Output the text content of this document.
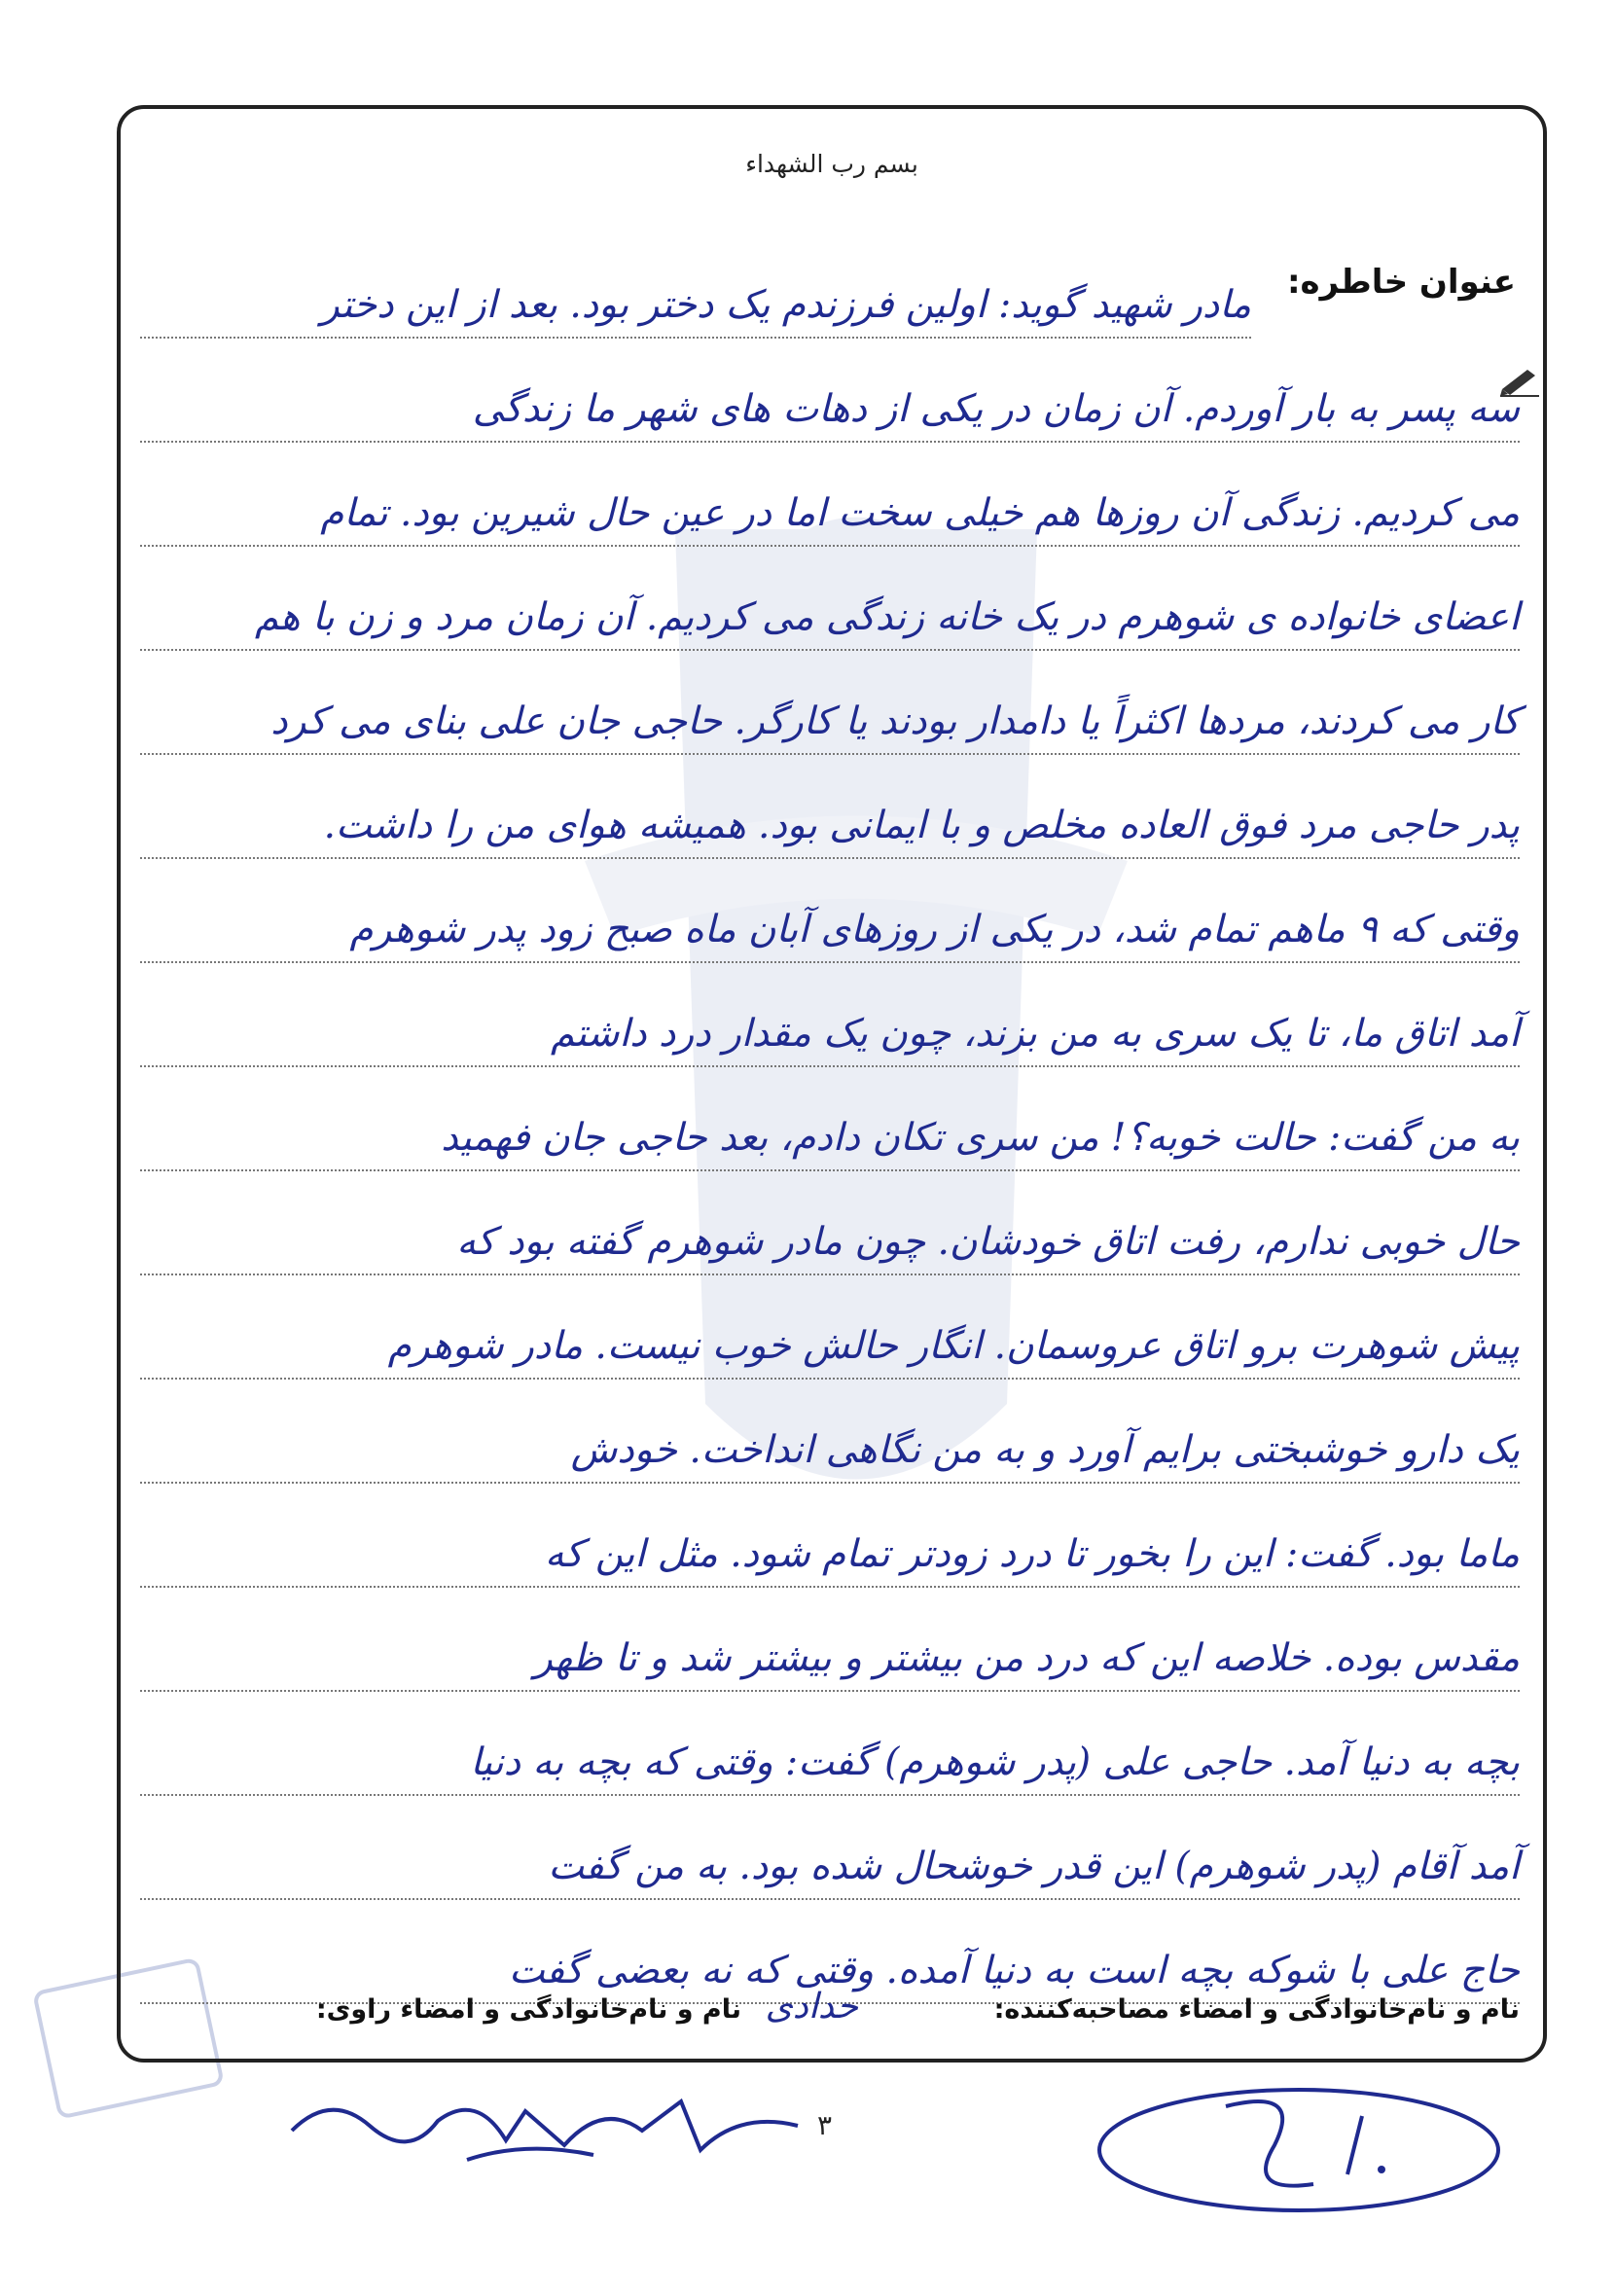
بسم رب الشهداء
عنوان خاطره:
مادر شهید گوید: اولین فرزندم یک دختر بود. بعد از این دختر
سه پسر به بار آوردم. آن زمان در یکی از دهات های شهر ما زندگی
می کردیم. زندگی آن روزها هم خیلی سخت اما در عین حال شیرین بود. تمام
اعضای خانواده ی شوهرم در یک خانه زندگی می کردیم. آن زمان مرد و زن با هم
کار می کردند، مردها اکثراً یا دامدار بودند یا کارگر. حاجی جان علی بنای می کرد
پدر حاجی مرد فوق العاده مخلص و با ایمانی بود. همیشه هوای من را داشت.
وقتی که ۹ ماهم تمام شد، در یکی از روزهای آبان ماه صبح زود پدر شوهرم
آمد اتاق ما، تا یک سری به من بزند، چون یک مقدار درد داشتم
به من گفت: حالت خوبه؟! من سری تکان دادم، بعد حاجی جان فهمید
حال خوبی ندارم، رفت اتاق خودشان. چون مادر شوهرم گفته بود که
پیش شوهرت برو اتاق عروسمان. انگار حالش خوب نیست. مادر شوهرم
یک دارو خوشبختی برایم آورد و به من نگاهی انداخت. خودش
ماما بود. گفت: این را بخور تا درد زودتر تمام شود. مثل این که
مقدس بوده. خلاصه این که درد من بیشتر و بیشتر شد و تا ظهر
بچه به دنیا آمد. حاجی علی (پدر شوهرم) گفت: وقتی که بچه به دنیا
آمد آقام (پدر شوهرم) این قدر خوشحال شده بود. به من گفت
حاج علی با شوکه بچه است به دنیا آمده. وقتی که نه بعضی گفت
نام و نام‌خانوادگی و امضاء مصاحبه‌کننده:
حدادی
نام و نام‌خانوادگی و امضاء راوی:
۳
